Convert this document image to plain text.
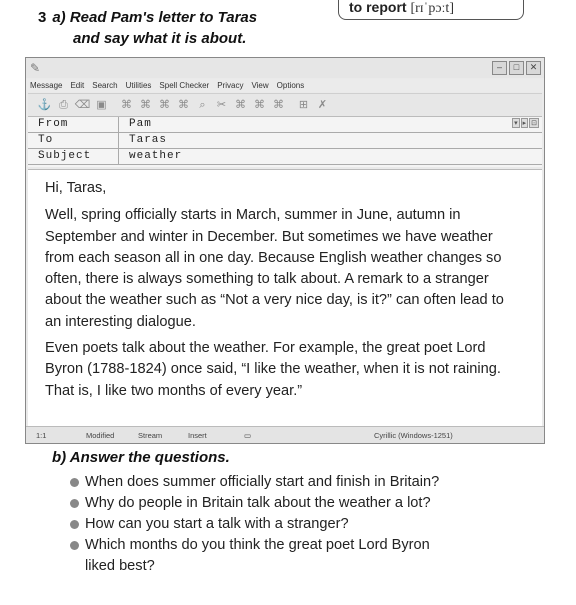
3 a) Read Pam's letter to Taras
and say what it is about.
to report [rɪˈpɔːt]
✎	–	□	✕
Message Edit Search Utilities Spell Checker Privacy View Options
⚓ ⎙ ⌫ ▣ ⌘ ⌘ ⌘ ⌘ ⌕	✂ ⌘ ⌘ ⌘	⊞ ✗
From	Pam
To	Taras
Subject	weather
▾ ▸ ⊡

Hi, Taras,

Well, spring officially starts in March, summer in June, autumn in September and winter in December. But sometimes we have weather from each season all in one day. Because English weather changes so often, there is always something to talk about. A remark to a stranger about the weather such as “Not a very nice day, is it?” can often lead to an interesting dialogue.

Even poets talk about the weather. For example, the great poet Lord Byron (1788-1824) once said, “I like the weather, when it is not raining. That is, I like two months of every year.”

1:1	Modified	Stream	Insert	▭	Cyrillic (Windows-1251)
b) Answer the questions.
When does summer officially start and finish in Britain?
Why do people in Britain talk about the weather a lot?
How can you start a talk with a stranger?
Which months do you think the great poet Lord Byron
liked best?
